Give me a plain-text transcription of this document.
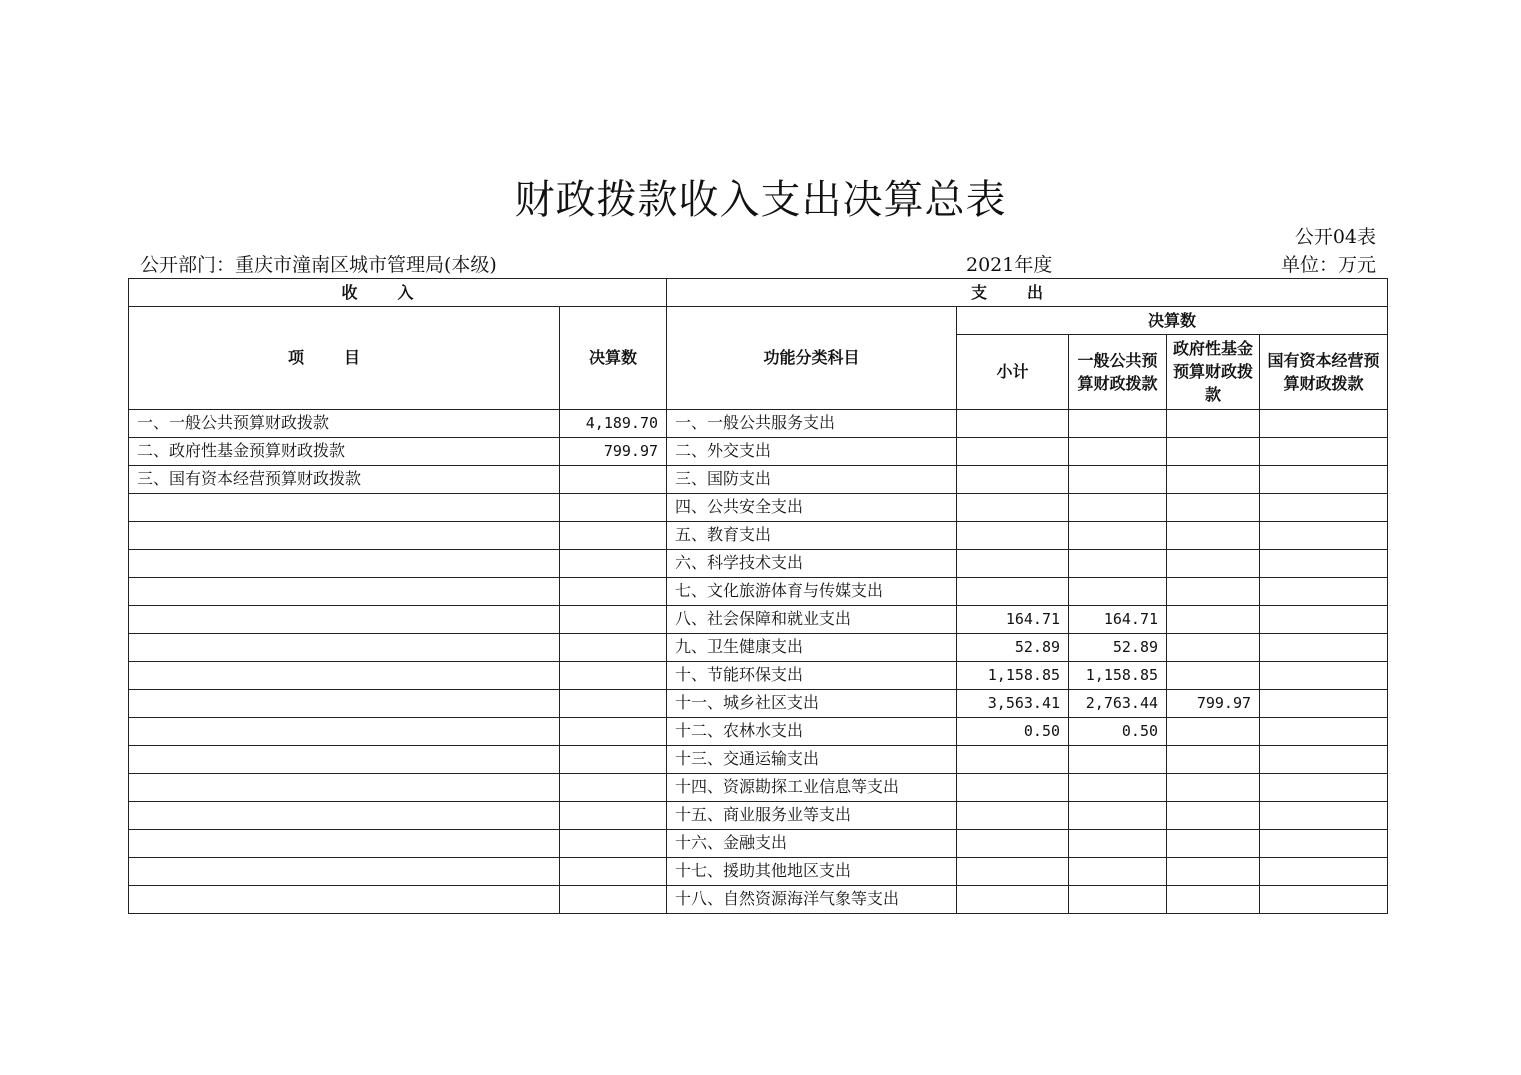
财政拨款收入支出决算总表
公开04表
公开部门：重庆市潼南区城市管理局(本级)	2021年度	单位：万元
收入		支出				
项目	决算数	功能分类科目	决算数			
			小计	一般公共预算财政拨款	政府性基金预算财政拨款	国有资本经营预算财政拨款
一、一般公共预算财政拨款	4,189.70	一、一般公共服务支出				
二、政府性基金预算财政拨款	799.97	二、外交支出				
三、国有资本经营预算财政拨款		三、国防支出				
		四、公共安全支出				
		五、教育支出				
		六、科学技术支出				
		七、文化旅游体育与传媒支出				
		八、社会保障和就业支出	164.71	164.71		
		九、卫生健康支出	52.89	52.89		
		十、节能环保支出	1,158.85	1,158.85		
		十一、城乡社区支出	3,563.41	2,763.44	799.97	
		十二、农林水支出	0.50	0.50		
		十三、交通运输支出				
		十四、资源勘探工业信息等支出				
		十五、商业服务业等支出				
		十六、金融支出				
		十七、援助其他地区支出				
		十八、自然资源海洋气象等支出				
